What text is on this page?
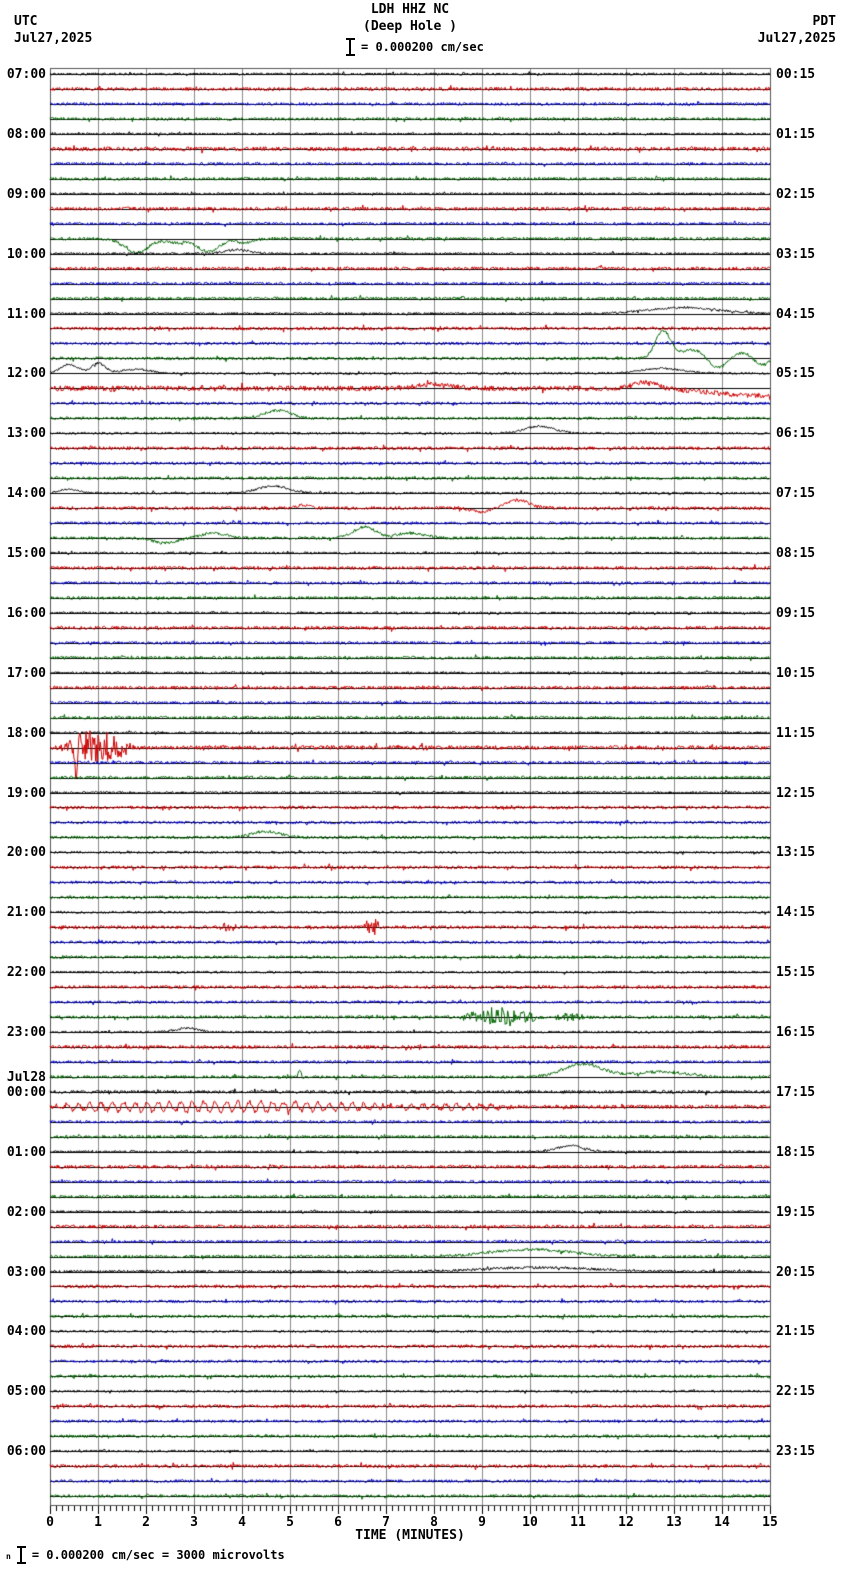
UTC
Jul27,2025
PDT
Jul27,2025
LDH HHZ NC
(Deep Hole )
= 0.000200 cm/sec
07:00
08:00
09:00
10:00
11:00
12:00
13:00
14:00
15:00
16:00
17:00
18:00
19:00
20:00
21:00
22:00
23:00
Jul28
00:00
01:00
02:00
03:00
04:00
05:00
06:00
00:15
01:15
02:15
03:15
04:15
05:15
06:15
07:15
08:15
09:15
10:15
11:15
12:15
13:15
14:15
15:15
16:15
17:15
18:15
19:15
20:15
21:15
22:15
23:15
0	1	2	3	4	5	6	7	8	9	10	11	12	13	14	15
TIME (MINUTES)
n = 0.000200 cm/sec = 3000 microvolts
